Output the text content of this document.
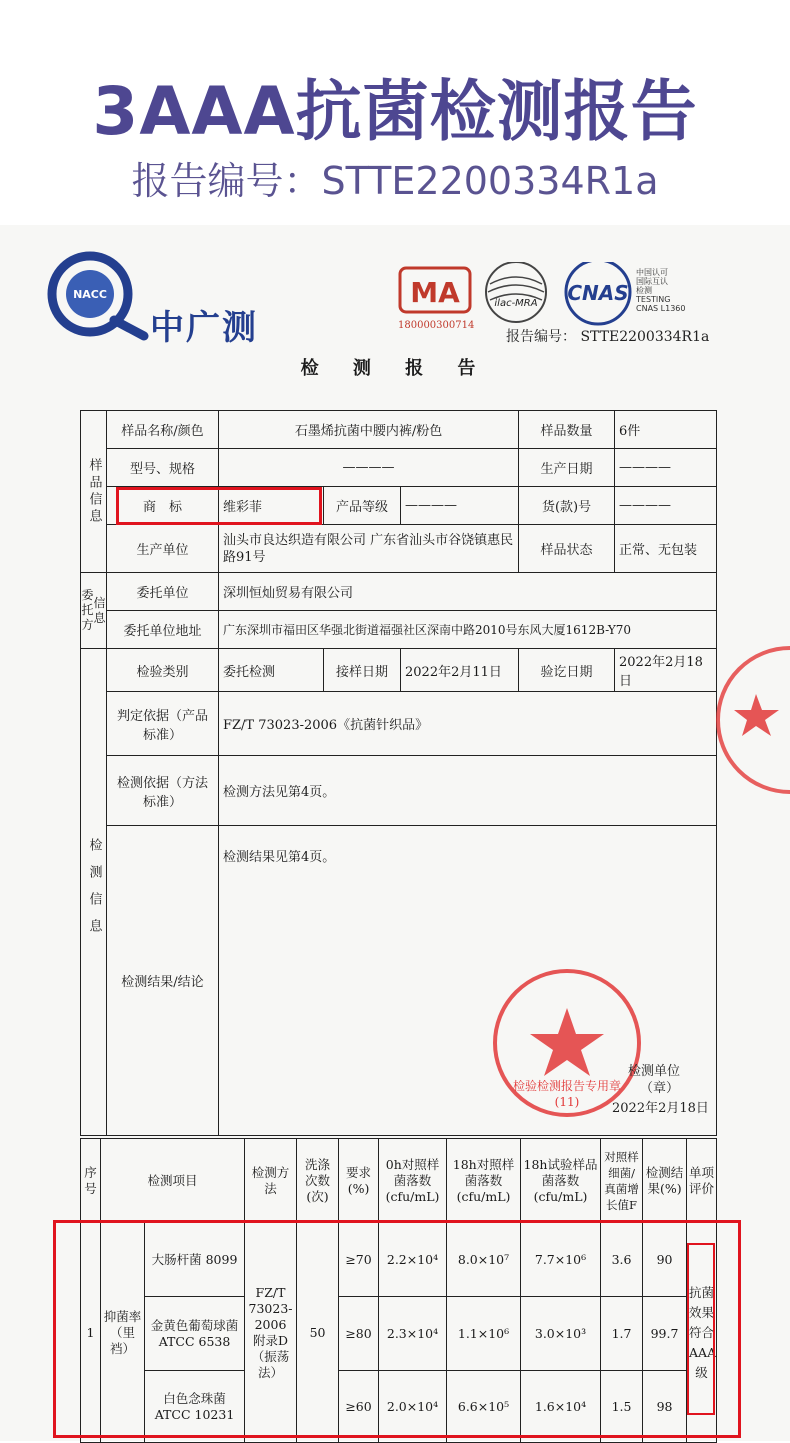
3AAA抗菌检测报告
报告编号：STTE2200334R1a
NACC
中广测
MA	ilac-MRA CNAS
180000300714
中国认可
国际互认
检测
TESTING
CNAS L1360
报告编号： STTE2200334R1a
检 测 报 告
样品信息	样品名称/颜色	石墨烯抗菌中腰内裤/粉色			样品数量	6件
	型号、规格	————			生产日期	————
	商　标	维彩菲	产品等级	————	货(款)号	————
	生产单位	汕头市良达织造有限公司 广东省汕头市谷饶镇惠民路91号			样品状态	正常、无包装
委托方信息	委托单位	深圳恒灿贸易有限公司				
	委托单位地址	广东深圳市福田区华强北街道福强社区深南中路2010号东风大厦1612B-Y70				
检测信息	检验类别	委托检测	接样日期	2022年2月11日	验讫日期	2022年2月18日
	判定依据（产品标准）	FZ/T 73023-2006《抗菌针织品》				
	检测依据（方法标准）	检测方法见第4页。				
	检测结果/结论	检测结果见第4页。				
检验检测报告专用章
(11)
检测单位
（章）
2022年2月18日
序号	检测项目		检测方法	洗涤次数(次)	要求(%)	0h对照样菌落数(cfu/mL)	18h对照样菌落数(cfu/mL)	18h试验样品菌落数(cfu/mL)	对照样细菌/真菌增长值F	检测结果(%)	单项评价
1	抑菌率（里裆）	大肠杆菌 8099	FZ/T 73023-2006 附录D（振荡法）	50	≥70	2.2×10⁴	8.0×10⁷	7.7×10⁶	3.6	90	抗菌效果符合AAA级
		金黄色葡萄球菌 ATCC 6538			≥80	2.3×10⁴	1.1×10⁶	3.0×10³	1.7	99.7	
		白色念珠菌 ATCC 10231			≥60	2.0×10⁴	6.6×10⁵	1.6×10⁴	1.5	98	
